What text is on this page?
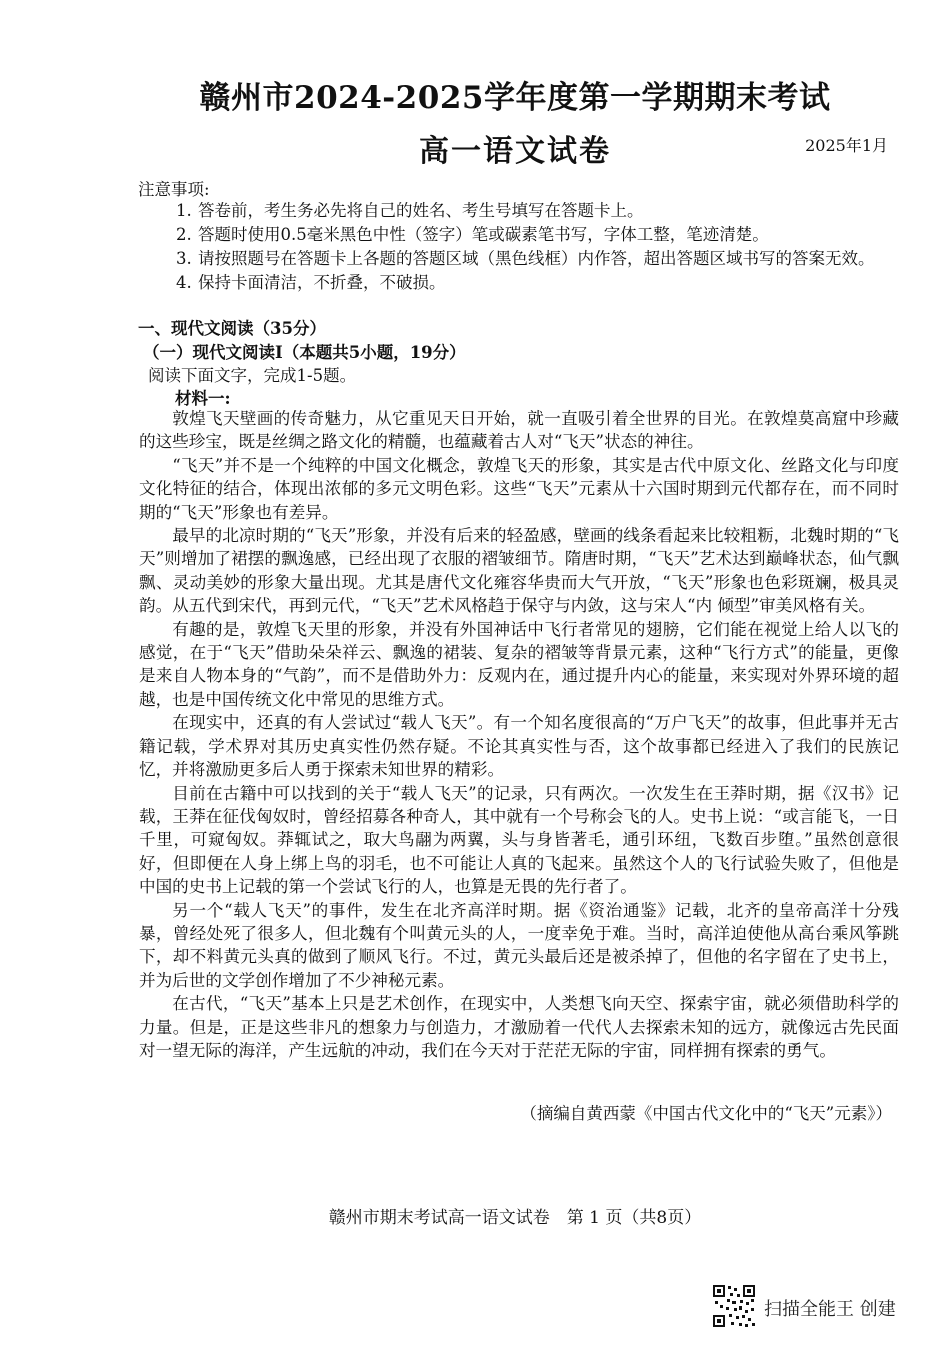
赣州市2024-2025学年度第一学期期末考试
高一语文试卷	2025年1月
注意事项:
1. 答卷前，考生务必先将自己的姓名、考生号填写在答题卡上。
2. 答题时使用0.5毫米黑色中性（签字）笔或碳素笔书写，字体工整，笔迹清楚。
3. 请按照题号在答题卡上各题的答题区域（黑色线框）内作答，超出答题区域书写的答案无效。
4. 保持卡面清洁，不折叠，不破损。
一、现代文阅读（35分）
（一）现代文阅读Ⅰ（本题共5小题，19分）
阅读下面文字，完成1-5题。
材料一:

敦煌飞天壁画的传奇魅力，从它重见天日开始，就一直吸引着全世界的目光。在敦煌莫高窟中珍藏的这些珍宝，既是丝绸之路文化的精髓，也蕴藏着古人对“飞天”状态的神往。

“飞天”并不是一个纯粹的中国文化概念，敦煌飞天的形象，其实是古代中原文化、丝路文化与印度文化特征的结合，体现出浓郁的多元文明色彩。这些“飞天”元素从十六国时期到元代都存在，而不同时期的“飞天”形象也有差异。

最早的北凉时期的“飞天”形象，并没有后来的轻盈感，壁画的线条看起来比较粗粝，北魏时期的“飞天”则增加了裙摆的飘逸感，已经出现了衣服的褶皱细节。隋唐时期，“飞天”艺术达到巅峰状态，仙气飘飘、灵动美妙的形象大量出现。尤其是唐代文化雍容华贵而大气开放，“飞天”形象也色彩斑斓，极具灵韵。从五代到宋代，再到元代，“飞天”艺术风格趋于保守与内敛，这与宋人“内 倾型”审美风格有关。

有趣的是，敦煌飞天里的形象，并没有外国神话中飞行者常见的翅膀，它们能在视觉上给人以飞的感觉，在于“飞天”借助朵朵祥云、飘逸的裙装、复杂的褶皱等背景元素，这种“飞行方式”的能量，更像是来自人物本身的“气韵”，而不是借助外力：反观内在，通过提升内心的能量，来实现对外界环境的超越，也是中国传统文化中常见的思维方式。

在现实中，还真的有人尝试过“载人飞天”。有一个知名度很高的“万户飞天”的故事，但此事并无古籍记载，学术界对其历史真实性仍然存疑。不论其真实性与否，这个故事都已经进入了我们的民族记忆，并将激励更多后人勇于探索未知世界的精彩。

目前在古籍中可以找到的关于“载人飞天”的记录，只有两次。一次发生在王莽时期，据《汉书》记载，王莽在征伐匈奴时，曾经招募各种奇人，其中就有一个号称会飞的人。史书上说：“或言能飞，一日千里，可窥匈奴。莽辄试之，取大鸟翮为两翼，头与身皆著毛，通引环纽，飞数百步堕。”虽然创意很好，但即便在人身上绑上鸟的羽毛，也不可能让人真的飞起来。虽然这个人的飞行试验失败了，但他是中国的史书上记载的第一个尝试飞行的人，也算是无畏的先行者了。

另一个“载人飞天”的事件，发生在北齐高洋时期。据《资治通鉴》记载，北齐的皇帝高洋十分残暴，曾经处死了很多人，但北魏有个叫黄元头的人，一度幸免于难。当时，高洋迫使他从高台乘风筝跳下，却不料黄元头真的做到了顺风飞行。不过，黄元头最后还是被杀掉了，但他的名字留在了史书上，并为后世的文学创作增加了不少神秘元素。

在古代，“飞天”基本上只是艺术创作，在现实中，人类想飞向天空、探索宇宙，就必须借助科学的力量。但是，正是这些非凡的想象力与创造力，才激励着一代代人去探索未知的远方，就像远古先民面对一望无际的海洋，产生远航的冲动，我们在今天对于茫茫无际的宇宙，同样拥有探索的勇气。

（摘编自黄西蒙《中国古代文化中的“飞天”元素》）
赣州市期末考试高一语文试卷　第 1 页（共8页）
扫描全能王 创建
